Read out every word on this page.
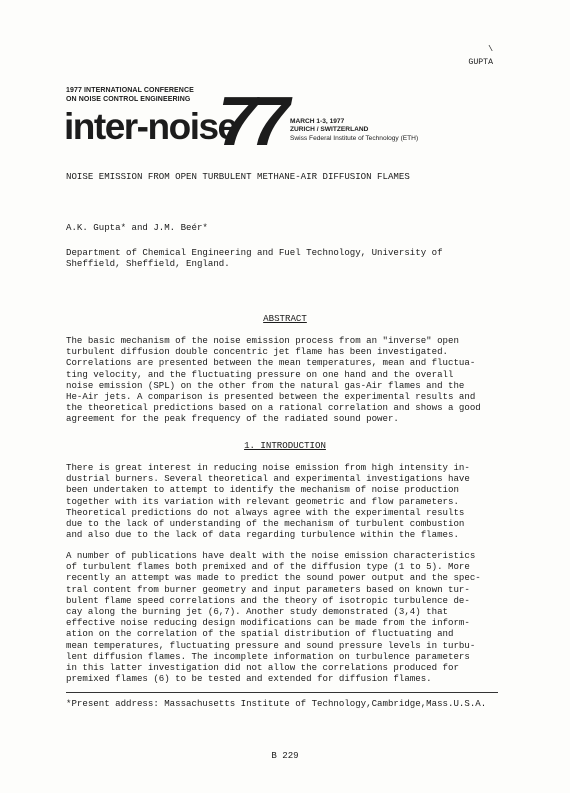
\
GUPTA
1977 INTERNATIONAL CONFERENCE
ON NOISE CONTROL ENGINEERING
inter-noise
77 MARCH 1-3, 1977
ZURICH / SWITZERLAND
Swiss Federal Institute of Technology (ETH)
NOISE EMISSION FROM OPEN TURBULENT METHANE-AIR DIFFUSION FLAMES
A.K. Gupta* and J.M. Beér*
Department of Chemical Engineering and Fuel Technology, University of
Sheffield, Sheffield, England.
ABSTRACT
The basic mechanism of the noise emission process from an "inverse" open
turbulent diffusion double concentric jet flame has been investigated.
Correlations are presented between the mean temperatures, mean and fluctua-
ting velocity, and the fluctuating pressure on one hand and the overall
noise emission (SPL) on the other from the natural gas-Air flames and the
He-Air jets. A comparison is presented between the experimental results and
the theoretical predictions based on a rational correlation and shows a good
agreement for the peak frequency of the radiated sound power.
1. INTRODUCTION
There is great interest in reducing noise emission from high intensity in-
dustrial burners. Several theoretical and experimental investigations have
been undertaken to attempt to identify the mechanism of noise production
together with its variation with relevant geometric and flow parameters.
Theoretical predictions do not always agree with the experimental results
due to the lack of understanding of the mechanism of turbulent combustion
and also due to the lack of data regarding turbulence within the flames.
A number of publications have dealt with the noise emission characteristics
of turbulent flames both premixed and of the diffusion type (1 to 5). More
recently an attempt was made to predict the sound power output and the spec-
tral content from burner geometry and input parameters based on known tur-
bulent flame speed correlations and the theory of isotropic turbulence de-
cay along the burning jet (6,7). Another study demonstrated (3,4) that
effective noise reducing design modifications can be made from the inform-
ation on the correlation of the spatial distribution of fluctuating and
mean temperatures, fluctuating pressure and sound pressure levels in turbu-
lent diffusion flames. The incomplete information on turbulence parameters
in this latter investigation did not allow the correlations produced for
premixed flames (6) to be tested and extended for diffusion flames.
*Present address: Massachusetts Institute of Technology,Cambridge,Mass.U.S.A.
B 229
